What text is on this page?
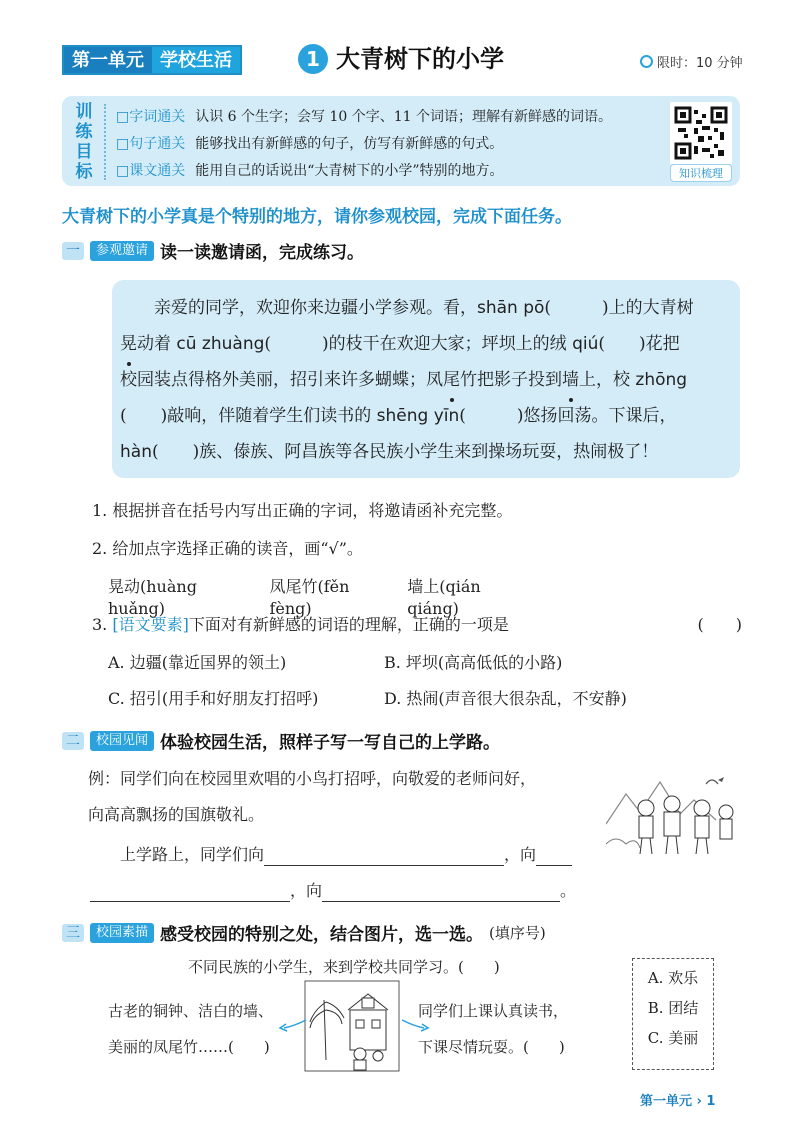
第一单元 学校生活	1 大青树下的小学	限时：10 分钟
训
练
目
标
□字词通关 认识 6 个生字；会写 10 个字、11 个词语；理解有新鲜感的词语。
□句子通关 能够找出有新鲜感的句子，仿写有新鲜感的句式。
□课文通关 能用自己的话说出“大青树下的小学”特别的地方。	知识梳理
大青树下的小学真是个特别的地方，请你参观校园，完成下面任务。
一	参观邀请 读一读邀请函，完成练习。
　　亲爱的同学，欢迎你来边疆小学参观。看，shān pō(　　　)上的大青树
晃动着 cū zhuàng(　　　)的枝干在欢迎大家；坪坝上的绒 qiú(　　)花把
校园装点得格外美丽，招引来许多蝴蝶；凤尾竹把影子投到墙上，校 zhōng
(　　)敲响，伴随着学生们读书的 shēng yīn(　　　)悠扬回荡。下课后，
hàn(　　)族、傣族、阿昌族等各民族小学生来到操场玩耍，热闹极了！
1. 根据拼音在括号内写出正确的字词，将邀请函补充完整。
2. 给加点字选择正确的读音，画“√”。
晃动(huàng　huǎng)
凤尾竹(fěn　fèng)
墙上(qián　qiáng)
3. [语文要素]下面对有新鲜感的词语的理解，正确的一项是	(　　)
A. 边疆(靠近国界的领土)	B. 坪坝(高高低低的小路)
C. 招引(用手和好朋友打招呼)	D. 热闹(声音很大很杂乱，不安静)
二	校园见闻 体验校园生活，照样子写一写自己的上学路。
例：同学们向在校园里欢唱的小鸟打招呼，向敬爱的老师问好，
向高高飘扬的国旗敬礼。
上学路上，同学们向	，向
，向	。
三	校园素描 感受校园的特别之处，结合图片，选一选。 (填序号)
不同民族的小学生，来到学校共同学习。(　　)
古老的铜钟、洁白的墙、
美丽的凤尾竹……(　　)
同学们上课认真读书，
下课尽情玩耍。(　　)
A. 欢乐
B. 团结
C. 美丽
第一单元 › 1
